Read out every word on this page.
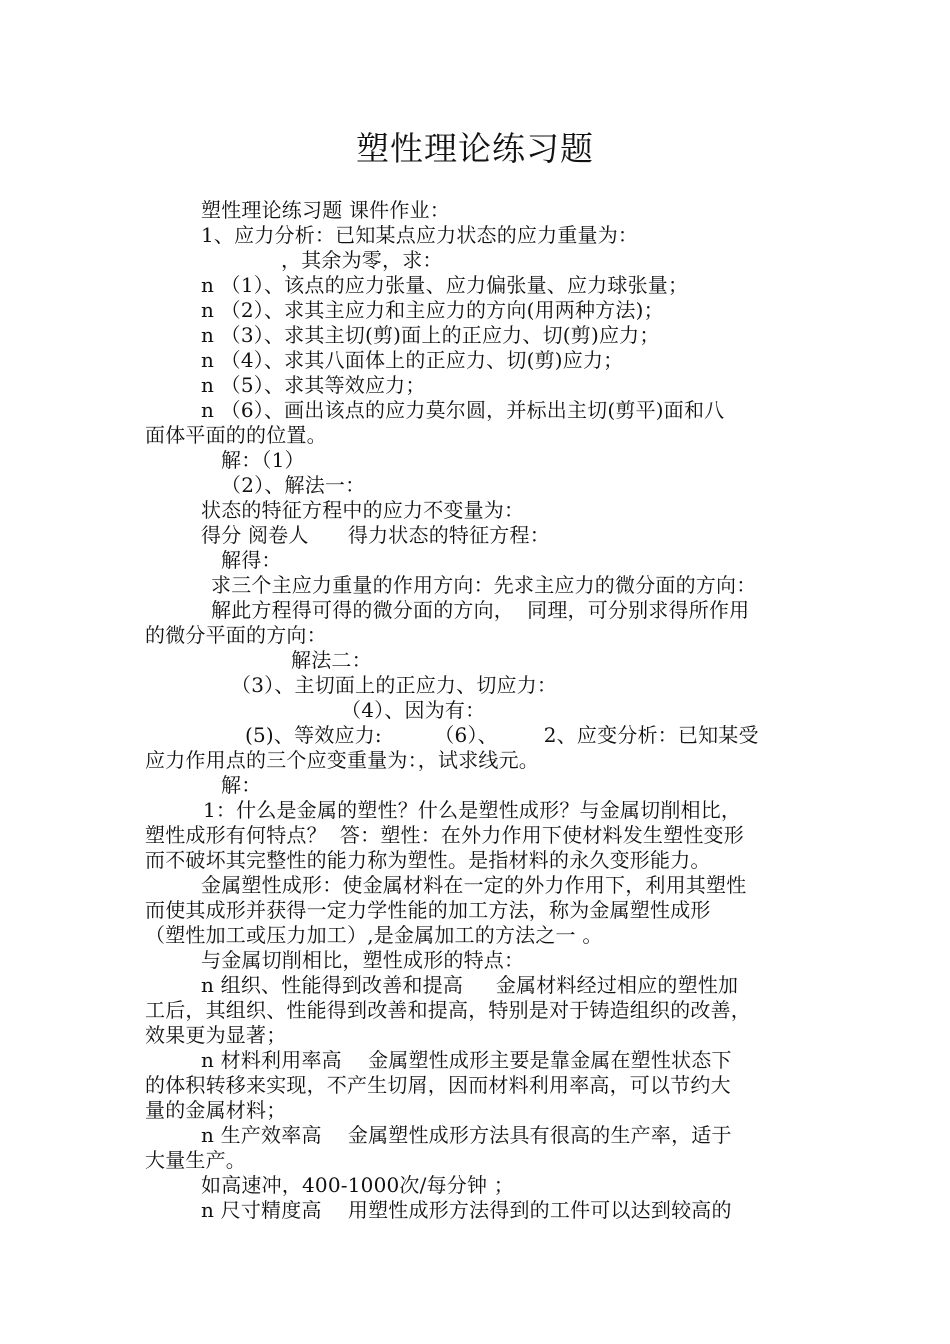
塑性理论练习题

塑性理论练习题 课件作业：

1、应力分析：已知某点应力状态的应力重量为：

，其余为零，求：

n （1）、该点的应力张量、应力偏张量、应力球张量；

n （2）、求其主应力和主应力的方向(用两种方法)；

n （3）、求其主切(剪)面上的正应力、切(剪)应力；

n （4）、求其八面体上的正应力、切(剪)应力；

n （5）、求其等效应力；

n （6）、画出该点的应力莫尔圆，并标出主切(剪平)面和八

面体平面的的位置。

解：（1）

（2）、解法一：

状态的特征方程中的应力不变量为：

得分 阅卷人      得力状态的特征方程：

解得：

求三个主应力重量的作用方向：先求主应力的微分面的方向：

解此方程得可得的微分面的方向，  同理，可分别求得所作用

的微分平面的方向：

解法二：

（3）、主切面上的正应力、切应力：

（4）、因为有：

(5)、等效应力:        （6）、       2、应变分析：已知某受

应力作用点的三个应变重量为：，试求线元。

解：

1：什么是金属的塑性？什么是塑性成形？与金属切削相比，

塑性成形有何特点？  答：塑性：在外力作用下使材料发生塑性变形

而不破坏其完整性的能力称为塑性。是指材料的永久变形能力。

金属塑性成形：使金属材料在一定的外力作用下，利用其塑性

而使其成形并获得一定力学性能的加工方法，称为金属塑性成形

（塑性加工或压力加工）,是金属加工的方法之一 。

与金属切削相比，塑性成形的特点：

n 组织、性能得到改善和提高     金属材料经过相应的塑性加

工后，其组织、性能得到改善和提高，特别是对于铸造组织的改善，

效果更为显著；

n 材料利用率高    金属塑性成形主要是靠金属在塑性状态下

的体积转移来实现，不产生切屑，因而材料利用率高，可以节约大

量的金属材料；

n 生产效率高    金属塑性成形方法具有很高的生产率，适于

大量生产。

如高速冲，400-1000次/每分钟 ；

n 尺寸精度高    用塑性成形方法得到的工件可以达到较高的
